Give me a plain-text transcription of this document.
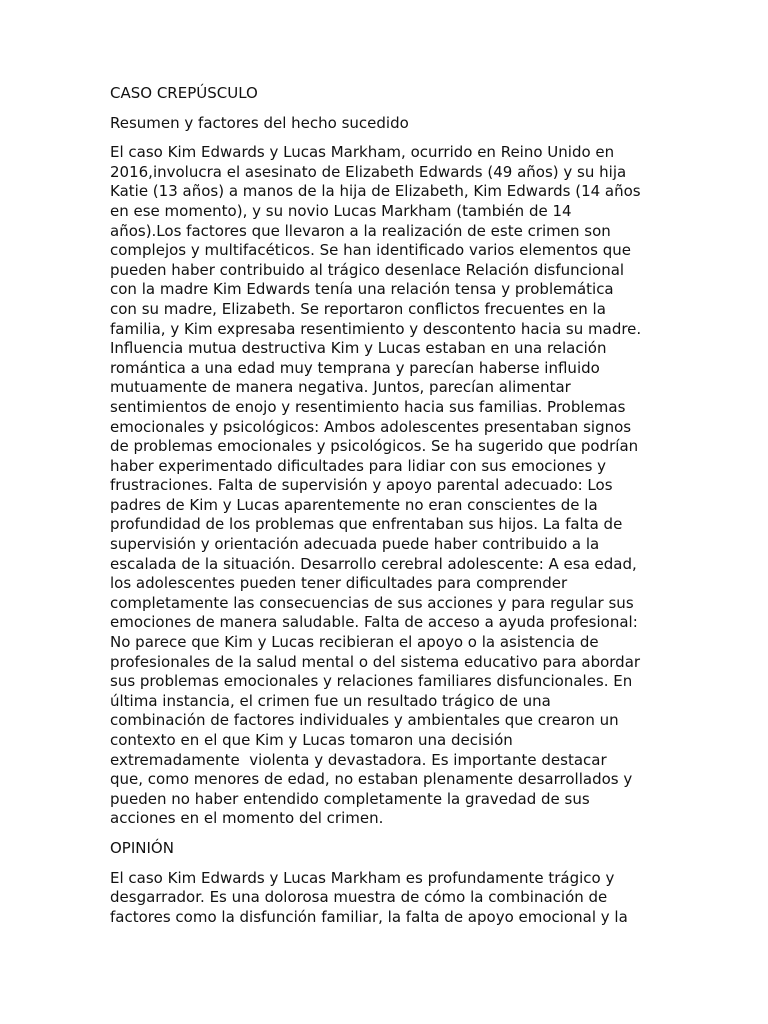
CASO CREPÚSCULO

Resumen y factores del hecho sucedido

El caso Kim Edwards y Lucas Markham, ocurrido en Reino Unido en
2016,involucra el asesinato de Elizabeth Edwards (49 años) y su hija
Katie (13 años) a manos de la hija de Elizabeth, Kim Edwards (14 años
en ese momento), y su novio Lucas Markham (también de 14
años).Los factores que llevaron a la realización de este crimen son
complejos y multifacéticos. Se han identificado varios elementos que
pueden haber contribuido al trágico desenlace Relación disfuncional
con la madre Kim Edwards tenía una relación tensa y problemática
con su madre, Elizabeth. Se reportaron conflictos frecuentes en la
familia, y Kim expresaba resentimiento y descontento hacia su madre.
Influencia mutua destructiva Kim y Lucas estaban en una relación
romántica a una edad muy temprana y parecían haberse influido
mutuamente de manera negativa. Juntos, parecían alimentar
sentimientos de enojo y resentimiento hacia sus familias. Problemas
emocionales y psicológicos: Ambos adolescentes presentaban signos
de problemas emocionales y psicológicos. Se ha sugerido que podrían
haber experimentado dificultades para lidiar con sus emociones y
frustraciones. Falta de supervisión y apoyo parental adecuado: Los
padres de Kim y Lucas aparentemente no eran conscientes de la
profundidad de los problemas que enfrentaban sus hijos. La falta de
supervisión y orientación adecuada puede haber contribuido a la
escalada de la situación. Desarrollo cerebral adolescente: A esa edad,
los adolescentes pueden tener dificultades para comprender
completamente las consecuencias de sus acciones y para regular sus
emociones de manera saludable. Falta de acceso a ayuda profesional:
No parece que Kim y Lucas recibieran el apoyo o la asistencia de
profesionales de la salud mental o del sistema educativo para abordar
sus problemas emocionales y relaciones familiares disfuncionales. En
última instancia, el crimen fue un resultado trágico de una
combinación de factores individuales y ambientales que crearon un
contexto en el que Kim y Lucas tomaron una decisión
extremadamente  violenta y devastadora. Es importante destacar
que, como menores de edad, no estaban plenamente desarrollados y
pueden no haber entendido completamente la gravedad de sus
acciones en el momento del crimen.

OPINIÓN

El caso Kim Edwards y Lucas Markham es profundamente trágico y
desgarrador. Es una dolorosa muestra de cómo la combinación de
factores como la disfunción familiar, la falta de apoyo emocional y la
